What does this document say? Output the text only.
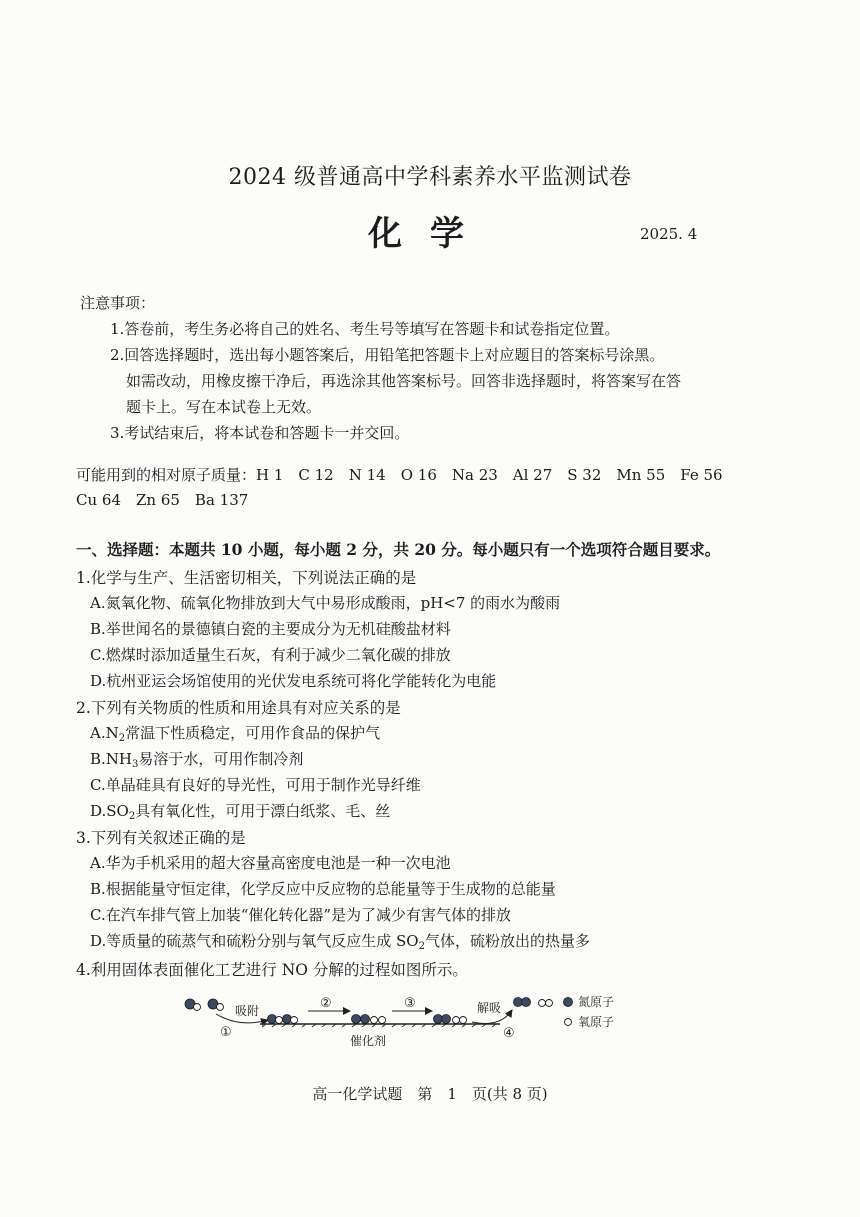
2024 级普通高中学科素养水平监测试卷
化学	2025. 4
注意事项：
1.答卷前，考生务必将自己的姓名、考生号等填写在答题卡和试卷指定位置。
2.回答选择题时，选出每小题答案后，用铅笔把答题卡上对应题目的答案标号涂黑。
如需改动，用橡皮擦干净后，再选涂其他答案标号。回答非选择题时，将答案写在答
题卡上。写在本试卷上无效。
3.考试结束后，将本试卷和答题卡一并交回。
可能用到的相对原子质量：H 1　C 12　N 14　O 16　Na 23　Al 27　S 32　Mn 55　Fe 56
Cu 64　Zn 65　Ba 137
一、选择题：本题共 10 小题，每小题 2 分，共 20 分。每小题只有一个选项符合题目要求。
1.化学与生产、生活密切相关，下列说法正确的是
A.氮氧化物、硫氧化物排放到大气中易形成酸雨，pH<7 的雨水为酸雨
B.举世闻名的景德镇白瓷的主要成分为无机硅酸盐材料
C.燃煤时添加适量生石灰，有利于减少二氧化碳的排放
D.杭州亚运会场馆使用的光伏发电系统可将化学能转化为电能
2.下列有关物质的性质和用途具有对应关系的是
$A.N_2$常温下性质稳定，可用作食品的保护气
$B.NH_3$易溶于水，可用作制冷剂
C.单晶硅具有良好的导光性，可用于制作光导纤维
$D.SO_2$具有氧化性，可用于漂白纸浆、毛、丝
3.下列有关叙述正确的是
A.华为手机采用的超大容量高密度电池是一种一次电池
B.根据能量守恒定律，化学反应中反应物的总能量等于生成物的总能量
C.在汽车排气管上加装“催化转化器”是为了减少有害气体的排放
D.等质量的硫蒸气和硫粉分别与氧气反应生成 $SO_2$气体，硫粉放出的热量多
4.利用固体表面催化工艺进行 NO 分解的过程如图所示。
吸附
①
催化剂
②	③	解吸
④
氮原子
氧原子
高一化学试题　第　1　页(共 8 页)
